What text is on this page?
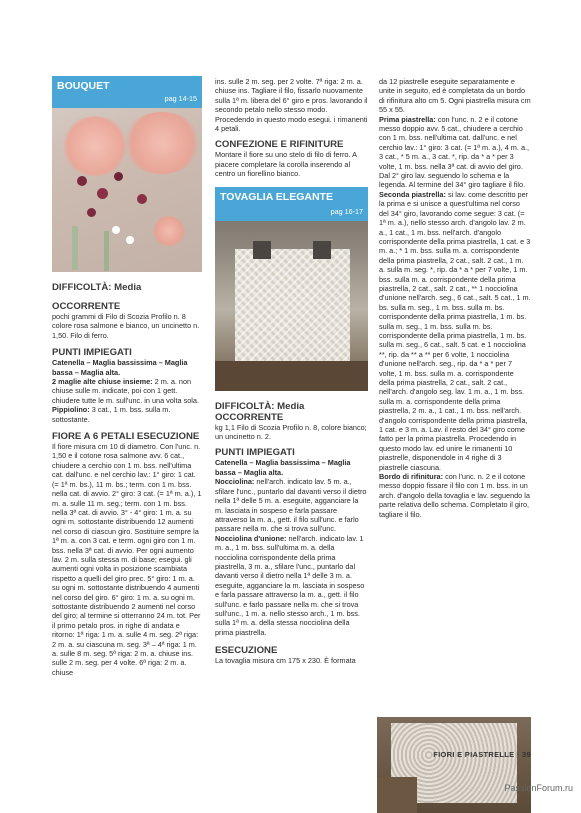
BOUQUET
pag 14-15

DIFFICOLTÀ: Media

OCCORRENTE

pochi grammi di Filo di Scozia Profilo n. 8 colore rosa salmone e bianco, un uncinetto n. 1,50. Filo di ferro.

PUNTI IMPIEGATI

Catenella – Maglia bassissima – Maglia bassa – Maglia alta.

2 maglie alte chiuse insieme: 2 m. a. non chiuse sulle m. indicate, poi con 1 gett. chiudere tutte le m. sull'unc. in una volta sola.

Pippiolino: 3 cat., 1 m. bss. sulla m. sottostante.

FIORE A 6 PETALI ESECUZIONE

Il fiore misura cm 10 di diametro. Con l'unc. n. 1,50 e il cotone rosa salmone avv. 6 cat., chiudere a cerchio con 1 m. bss. nell'ultima cat. dall'unc. e nel cerchio lav.: 1° giro: 1 cat. (= 1ª m. bs.), 11 m. bs.; term. con 1 m. bss. nella cat. di avvio. 2° giro: 3 cat. (= 1ª m. a.), 1 m. a. sulle 11 m. seg.; term. con 1 m. bss. nella 3ª cat. di avvio. 3° - 4° giro: 1 m. a. su ogni m. sottostante distribuendo 12 aumenti nel corso di ciascun giro. Sostituire sempre la 1ª m. a. con 3 cat. e term. ogni giro con 1 m. bss. nella 3ª cat. di avvio. Per ogni aumento lav. 2 m. sulla stessa m. di base; esegui. gli aumenti ogni volta in posizione scambiata rispetto a quelli del giro prec. 5° giro: 1 m. a. su ogni m. sottostante distribuendo 4 aumenti nel corso del giro. 6° giro: 1 m. a. su ogni m. sottostante distribuendo 2 aumenti nel corso del giro; al termine si otterranno 24 m. tot. Per il primo petalo pros. in righe di andata e ritorno: 1ª riga: 1 m. a. sulle 4 m. seg. 2ª riga: 2 m. a. su ciascuna m. seg. 3ª – 4ª riga: 1 m. a. sulle 8 m. seg. 5ª riga: 2 m. a. chiuse ins. sulle 2 m. seg. per 4 volte. 6ª riga: 2 m. a. chiuse

ins. sulle 2 m. seg. per 2 volte. 7ª riga: 2 m. a. chiuse ins. Tagliare il filo, fissarlo nuovamente sulla 1ª m. libera del 6° giro e pros. lavorando il secondo petalo nello stesso modo. Procedendo in questo modo esegui. i rimanenti 4 petali.

CONFEZIONE E RIFINITURE

Montare il fiore su uno stelo di filo di ferro. A piacere completare la corolla inserendo al centro un fiorellino bianco.

TOVAGLIA ELEGANTE
pag 16-17

DIFFICOLTÀ: Media

OCCORRENTE

kg 1,1 Filo di Scozia Profilo n. 8, colore bianco; un uncinetto n. 2.

PUNTI IMPIEGATI

Catenella – Maglia bassissima – Maglia bassa – Maglia alta.

Nocciolina: nell'arch. indicato lav. 5 m. a., sfilare l'unc., puntarlo dal davanti verso il dietro nella 1ª delle 5 m. a. eseguite, agganciare la m. lasciata in sospeso e farla passare attraverso la m. a., gett. il filo sull'unc. e farlo passare nella m. che si trova sull'unc.

Nocciolina d'unione: nell'arch. indicato lav. 1 m. a., 1 m. bss. sull'ultima m. a. della nocciolina corrispondente della prima piastrella, 3 m. a., sfilare l'unc., puntarlo dal davanti verso il dietro nella 1ª delle 3 m. a. eseguite, agganciare la m. lasciata in sospeso e farla passare attraverso la m. a., gett. il filo sull'unc. e farlo passare nella m. che si trova sull'unc., 1 m. a. nello stesso arch., 1 m. bss. sulla 1ª m. a. della stessa nocciolina della prima piastrella.

ESECUZIONE

La tovaglia misura cm 175 x 230. È formata

da 12 piastrelle eseguite separatamente e unite in seguito, ed è completata da un bordo di rifinitura alto cm 5. Ogni piastrella misura cm 55 x 55.

Prima piastrella: con l'unc. n. 2 e il cotone messo doppio avv. 5 cat., chiudere a cerchio con 1 m. bss. nell'ultima cat. dall'unc. e nel cerchio lav.: 1° giro: 3 cat. (= 1ª m. a.), 4 m. a., 3 cat., * 5 m. a., 3 cat. *, rip. da * a * per 3 volte, 1 m. bss. nella 3ª cat. di avvio del giro. Dal 2° giro lav. seguendo lo schema e la legenda. Al termine del 34° giro tagliare il filo.

Seconda piastrella: si lav. come descritto per la prima e si unisce a quest'ultima nel corso del 34° giro, lavorando come segue: 3 cat. (= 1ª m. a.), nello stesso arch. d'angolo lav. 2 m. a., 1 cat., 1 m. bss. nell'arch. d'angolo corrispondente della prima piastrella, 1 cat. e 3 m. a.; * 1 m. bss. sulla m. a. corrispondente della prima piastrella, 2 cat., salt. 2 cat., 1 m. a. sulla m. seg. *, rip. da * a * per 7 volte, 1 m. bss. sulla m. a. corrispondente della prima piastrella, 2 cat., salt. 2 cat., ** 1 nocciolina d'unione nell'arch. seg., 6 cat., salt. 5 cat., 1 m. bs. sulla m. seg., 1 m. bss. sulla m. bs. corrispondente della prima piastrella, 1 m. bs. sulla m. seg., 1 m. bss. sulla m. bs. corrispondente della prima piastrella, 1 m. bs. sulla m. seg., 6 cat., salt. 5 cat. e 1 nocciolina **, rip. da ** a ** per 6 volte, 1 nocciolina d'unione nell'arch. seg., rip. da * a * per 7 volte, 1 m. bss. sulla m. a. corrispondente della prima piastrella, 2 cat., salt. 2 cat., nell'arch. d'angolo seg. lav. 1 m. a., 1 m. bss. sulla m. a. corrispondente della prima piastrella, 2 m. a., 1 cat., 1 m. bss. nell'arch. d'angolo corrispondente della prima piastrella, 1 cat. e 3 m. a. Lav. il resto del 34° giro come fatto per la prima piastrella. Procedendo in questo modo lav. ed unire le rimanenti 10 piastrelle, disponendole in 4 righe di 3 piastrelle ciascuna.

Bordo di rifinitura: con l'unc. n. 2 e il cotone messo doppio fissare il filo con 1 m. bss. in un arch. d'angolo della tovaglia e lav. seguendo la parte relativa dello schema. Completato il giro, tagliare il filo.

FIORI E PIASTRELLE · 39
PassionForum.ru
